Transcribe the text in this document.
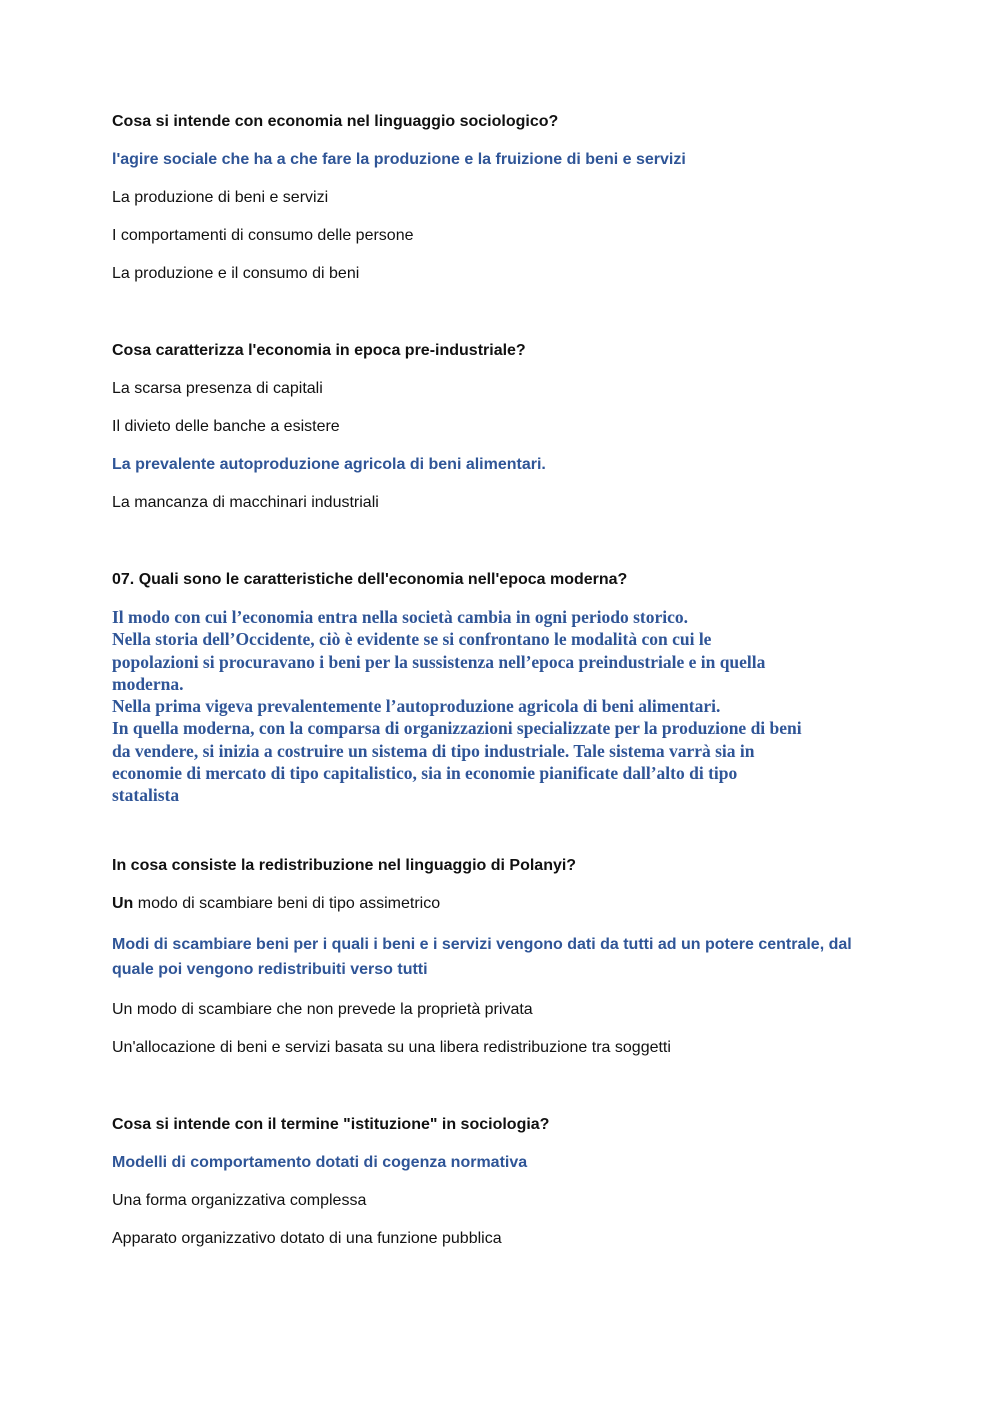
Cosa si intende con economia nel linguaggio sociologico?

l'agire sociale che ha a che fare la produzione e la fruizione di beni e servizi

La produzione di beni e servizi

I comportamenti di consumo delle persone

La produzione e il consumo di beni

Cosa caratterizza l'economia in epoca pre-industriale?

La scarsa presenza di capitali

Il divieto delle banche a esistere

La prevalente autoproduzione agricola di beni alimentari.

La mancanza di macchinari industriali

07. Quali sono le caratteristiche dell'economia nell'epoca moderna?

Il modo con cui l’economia entra nella società cambia in ogni periodo storico.
Nella storia dell’Occidente, ciò è evidente se si confrontano le modalità con cui le
popolazioni si procuravano i beni per la sussistenza nell’epoca preindustriale e in quella
moderna.
Nella prima vigeva prevalentemente l’autoproduzione agricola di beni alimentari.
In quella moderna, con la comparsa di organizzazioni specializzate per la produzione di beni
da vendere, si inizia a costruire un sistema di tipo industriale. Tale sistema varrà sia in
economie di mercato di tipo capitalistico, sia in economie pianificate dall’alto di tipo
statalista

In cosa consiste la redistribuzione nel linguaggio di Polanyi?

Un modo di scambiare beni di tipo assimetrico

Modi di scambiare beni per i quali i beni e i servizi vengono dati da tutti ad un potere centrale, dal quale poi vengono redistribuiti verso tutti

Un modo di scambiare che non prevede la proprietà privata

Un'allocazione di beni e servizi basata su una libera redistribuzione tra soggetti

Cosa si intende con il termine "istituzione" in sociologia?

Modelli di comportamento dotati di cogenza normativa

Una forma organizzativa complessa

Apparato organizzativo dotato di una funzione pubblica
